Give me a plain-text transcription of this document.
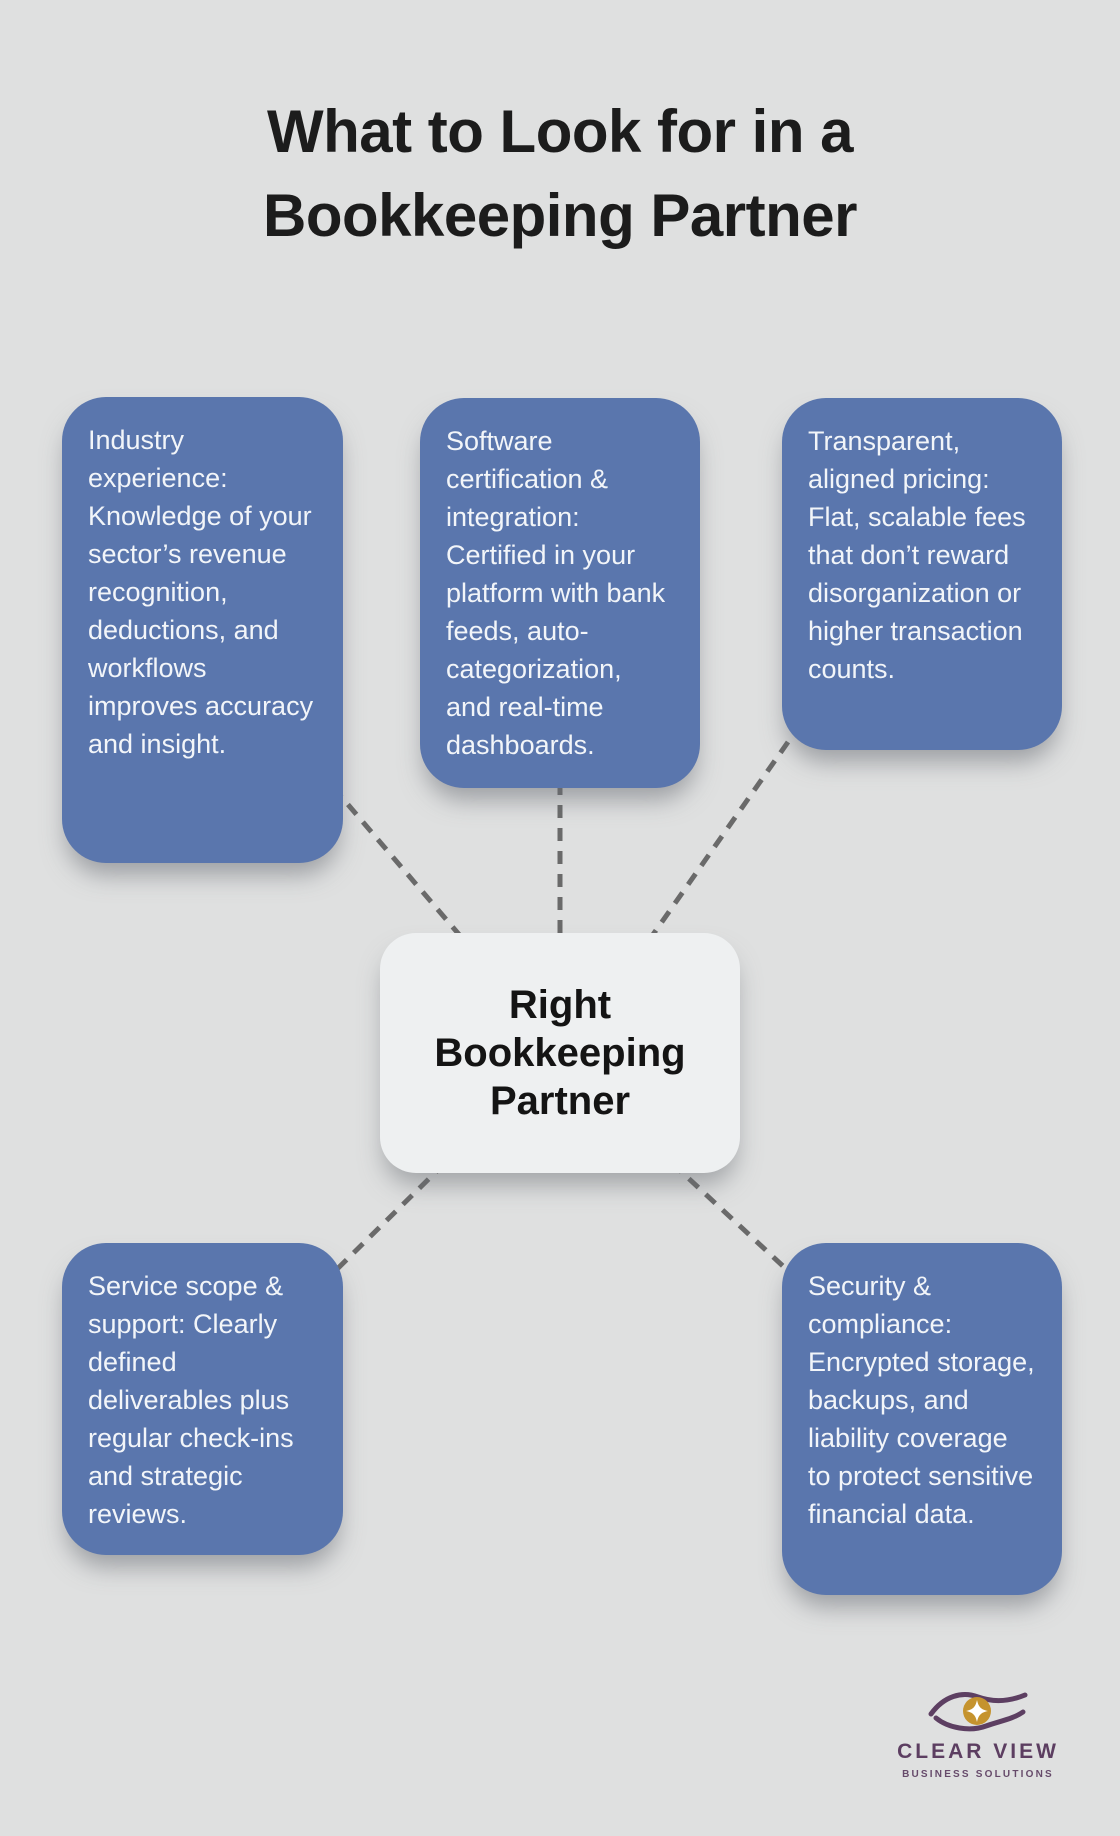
What to Look for in a Bookkeeping Partner
Industry experience: Knowledge of your sector’s revenue recognition, deductions, and workflows improves accuracy and insight.
Software certification & integration: Certified in your platform with bank feeds, auto-categorization, and real-time dashboards.
Transparent, aligned pricing: Flat, scalable fees that don’t reward disorganization or higher transaction counts.
Right Bookkeeping Partner
Service scope & support: Clearly defined deliverables plus regular check-ins and strategic reviews.
Security & compliance: Encrypted storage, backups, and liability coverage to protect sensitive financial data.
CLEAR VIEW
BUSINESS SOLUTIONS
